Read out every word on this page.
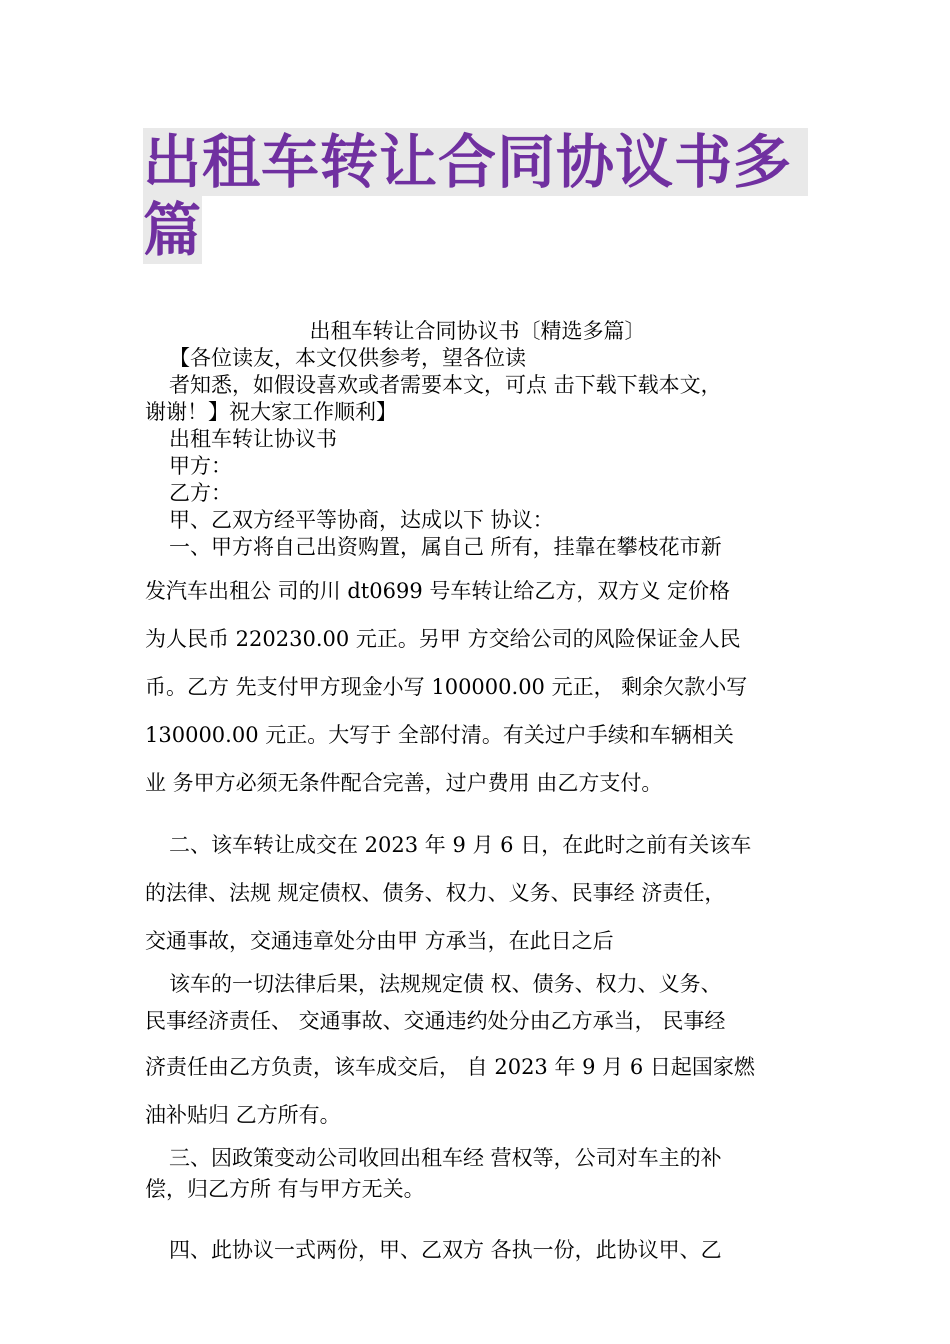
出租车转让合同协议书多
篇

出租车转让合同协议书〔精选多篇〕

【各位读友，本文仅供参考，望各位读

者知悉，如假设喜欢或者需要本文，可点 击下载下载本文，

谢谢！】祝大家工作顺利】

出租车转让协议书

甲方：

乙方：

甲、乙双方经平等协商，达成以下 协议：

一、甲方将自己出资购置，属自己 所有，挂靠在攀枝花市新

发汽车出租公 司的川 dt0699 号车转让给乙方，双方义 定价格

为人民币 220230.00 元正。另甲 方交给公司的风险保证金人民

币。乙方 先支付甲方现金小写 100000.00 元正， 剩余欠款小写

130000.00 元正。大写于 全部付清。有关过户手续和车辆相关

业 务甲方必须无条件配合完善，过户费用 由乙方支付。

二、该车转让成交在 2023 年 9 月 6 日，在此时之前有关该车

的法律、法规 规定债权、债务、权力、义务、民事经 济责任，

交通事故，交通违章处分由甲 方承当，在此日之后

该车的一切法律后果，法规规定债 权、债务、权力、义务、

民事经济责任、 交通事故、交通违约处分由乙方承当， 民事经

济责任由乙方负责，该车成交后， 自 2023 年 9 月 6 日起国家燃

油补贴归 乙方所有。

三、因政策变动公司收回出租车经 营权等，公司对车主的补

偿，归乙方所 有与甲方无关。

四、此协议一式两份，甲、乙双方 各执一份，此协议甲、乙
